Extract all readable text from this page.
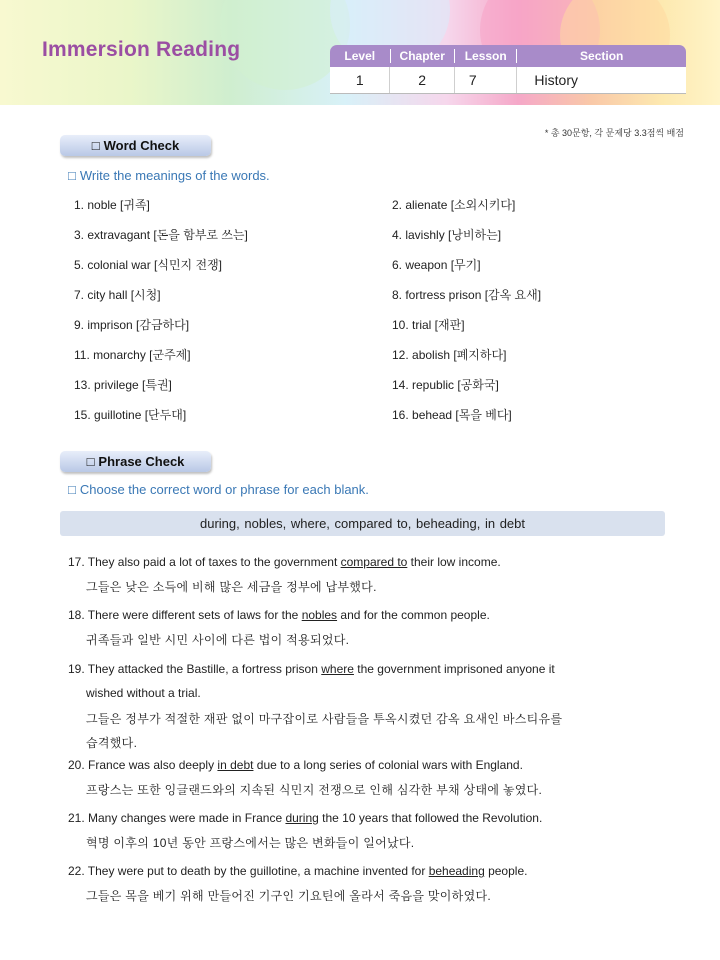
Immersion Reading	Level	Chapter	Lesson	Section
1	2	7	History
* 총 30문항, 각 문제당 3.3점씩 배점
□ Word Check
□ Write the meanings of the words.
1. noble [귀족]	2. alienate [소외시키다]
3. extravagant [돈을 함부로 쓰는]	4. lavishly [낭비하는]
5. colonial war [식민지 전쟁]	6. weapon [무기]
7. city hall [시청]	8. fortress prison [감옥 요새]
9. imprison [감금하다]	10. trial [재판]
11. monarchy [군주제]	12. abolish [폐지하다]
13. privilege [특권]	14. republic [공화국]
15. guillotine [단두대]	16. behead [목을 베다]
□ Phrase Check
□ Choose the correct word or phrase for each blank.
during, nobles, where, compared to, beheading, in debt
17. They also paid a lot of taxes to the government compared to their low income.
그들은 낮은 소득에 비해 많은 세금을 정부에 납부했다.
18. There were different sets of laws for the nobles and for the common people.
귀족들과 일반 시민 사이에 다른 법이 적용되었다.
19. They attacked the Bastille, a fortress prison where the government imprisoned anyone it
wished without a trial.
그들은 정부가 적절한 재판 없이 마구잡이로 사람들을 투옥시켰던 감옥 요새인 바스티유를
습격했다.
20. France was also deeply in debt due to a long series of colonial wars with England.
프랑스는 또한 잉글랜드와의 지속된 식민지 전쟁으로 인해 심각한 부채 상태에 놓였다.
21. Many changes were made in France during the 10 years that followed the Revolution.
혁명 이후의 10년 동안 프랑스에서는 많은 변화들이 일어났다.
22. They were put to death by the guillotine, a machine invented for beheading people.
그들은 목을 베기 위해 만들어진 기구인 기요틴에 올라서 죽음을 맞이하였다.
